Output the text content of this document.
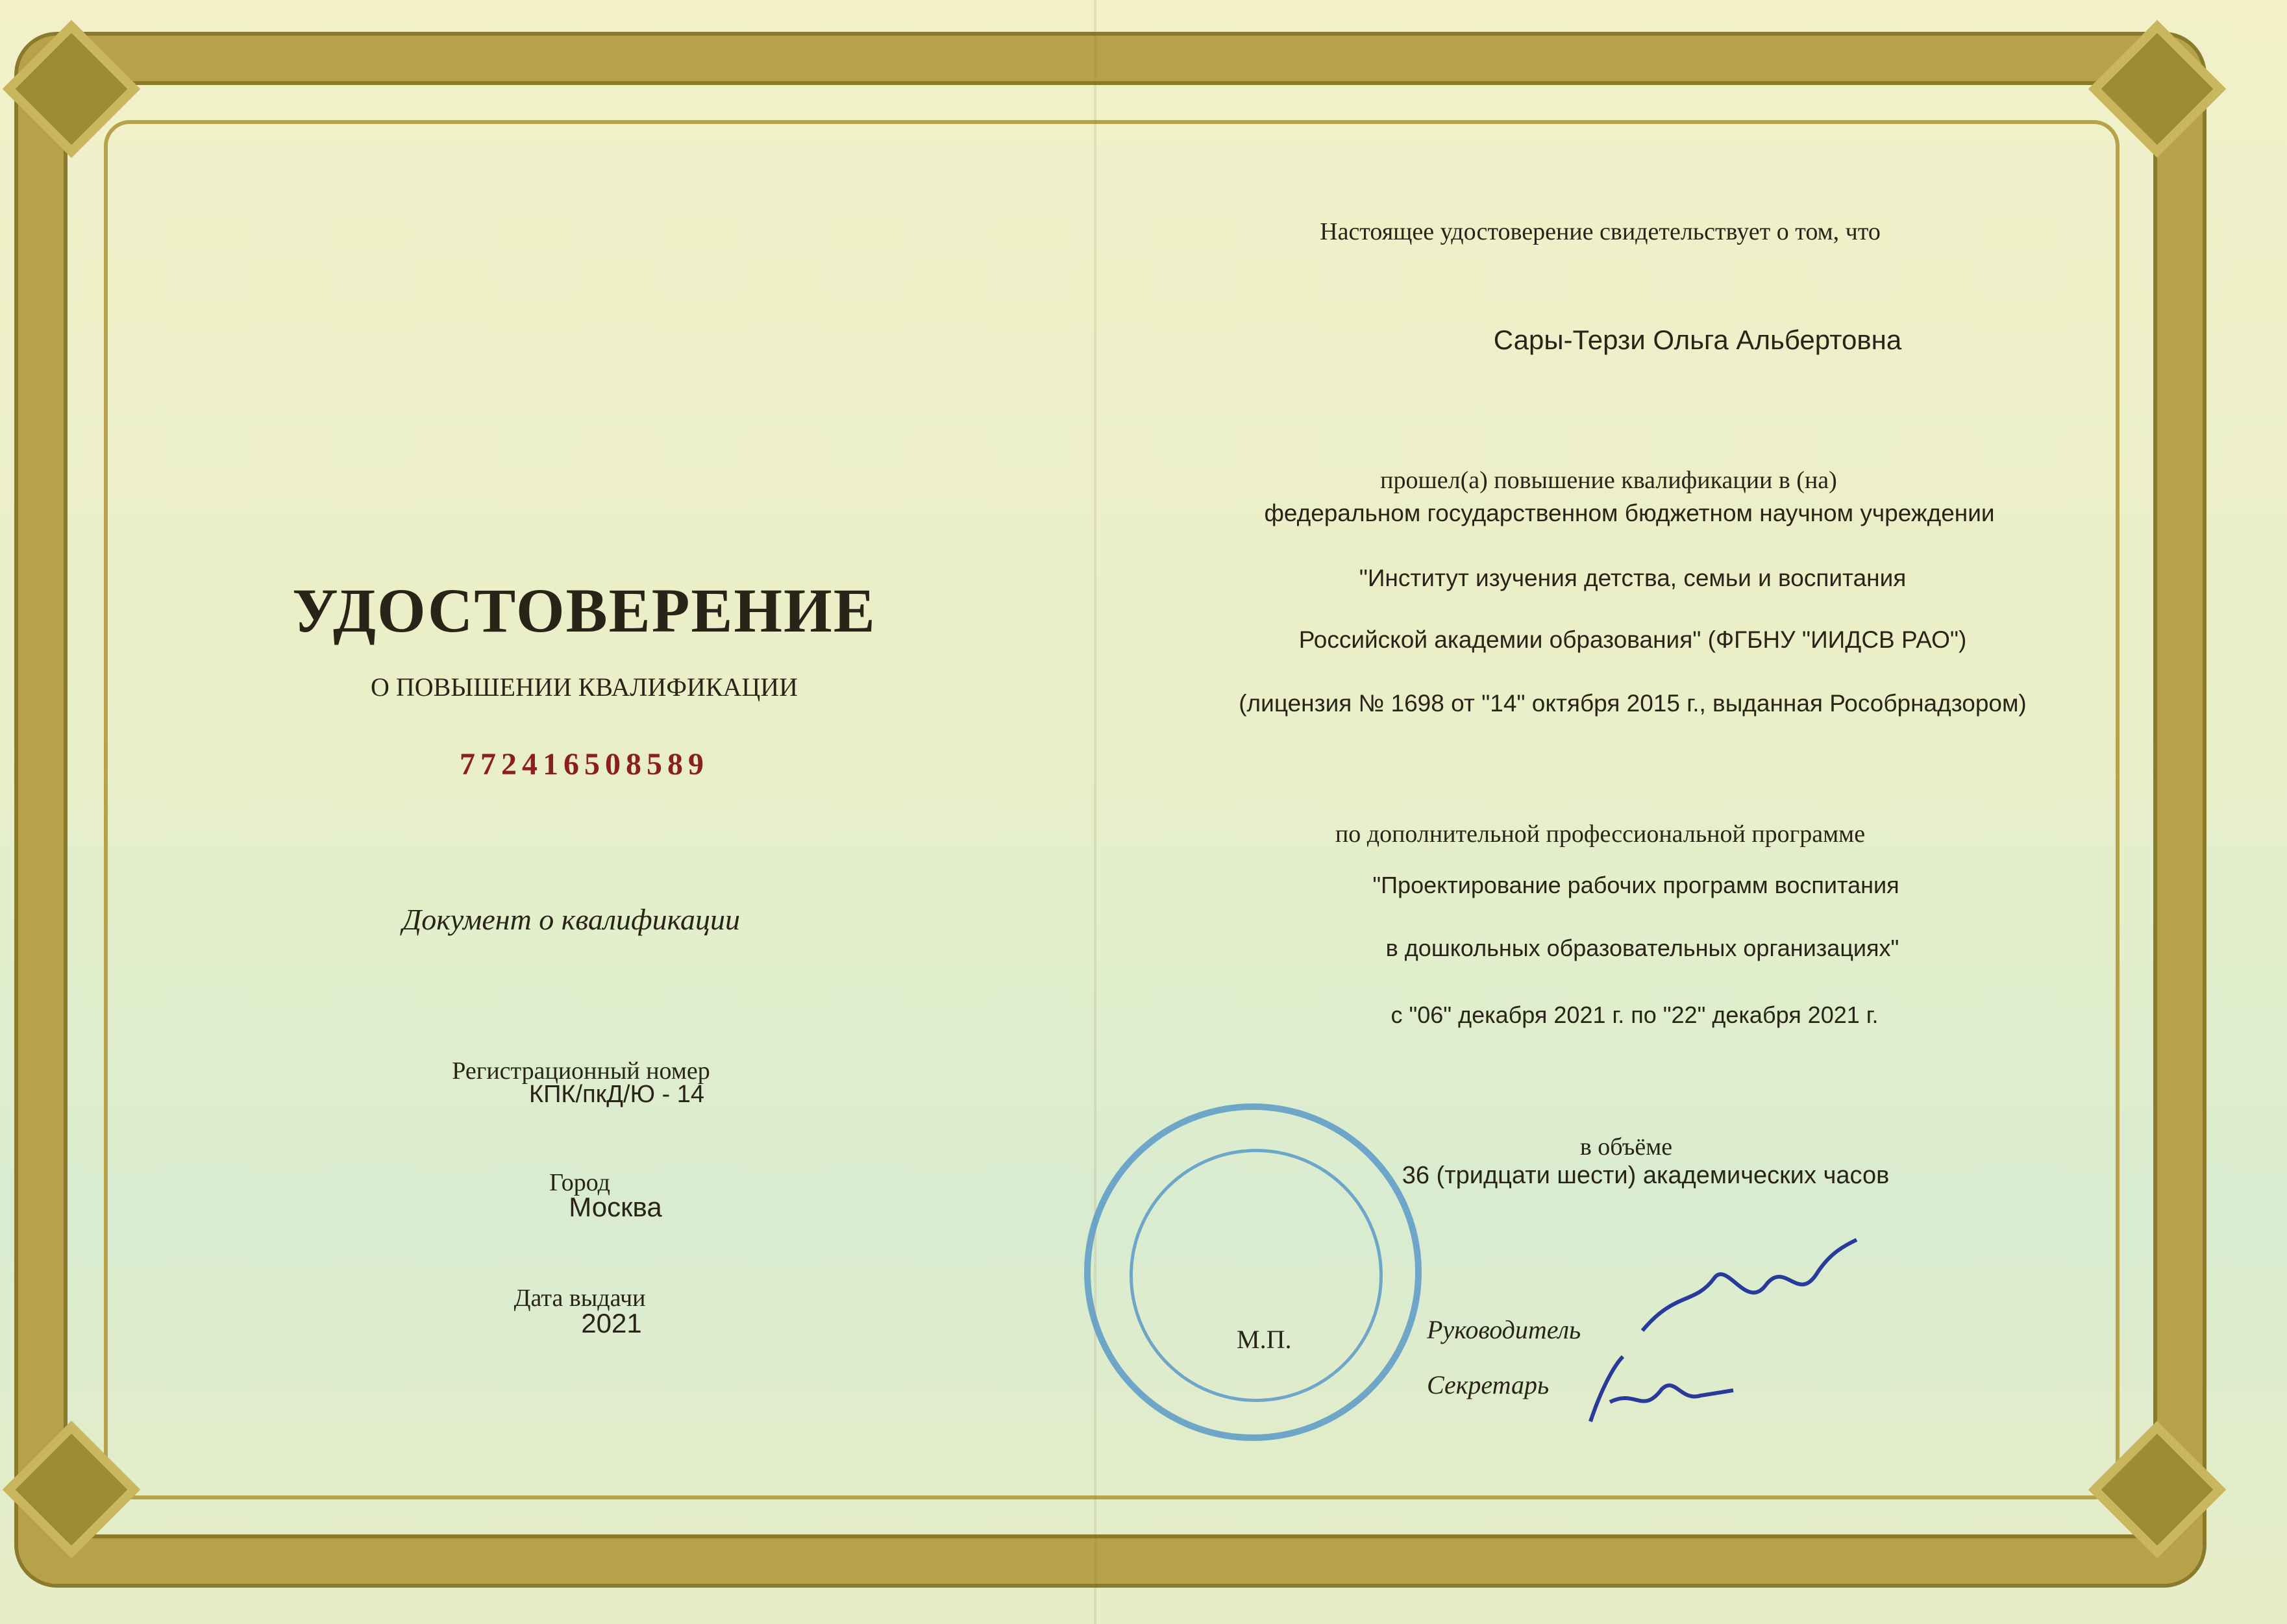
УДОСТОВЕРЕНИЕ
О ПОВЫШЕНИИ КВАЛИФИКАЦИИ
772416508589
Документ о квалификации
Регистрационный номер
КПК/пкД/Ю - 14
Город
Москва
Дата выдачи
2021
Настоящее удостоверение свидетельствует о том, что
Сары-Терзи Ольга Альбертовна
прошел(а) повышение квалификации в (на)
федеральном государственном бюджетном научном учреждении
"Институт изучения детства, семьи и воспитания
Российской академии образования" (ФГБНУ "ИИДСВ РАО")
(лицензия № 1698 от "14" октября 2015 г., выданная Рособрнадзором)
по дополнительной профессиональной программе
"Проектирование рабочих программ воспитания
в дошкольных образовательных организациях"
с "06" декабря 2021 г. по "22" декабря 2021 г.
в объёме
36 (тридцати шести) академических часов
М.П.	Руководитель
Секретарь
